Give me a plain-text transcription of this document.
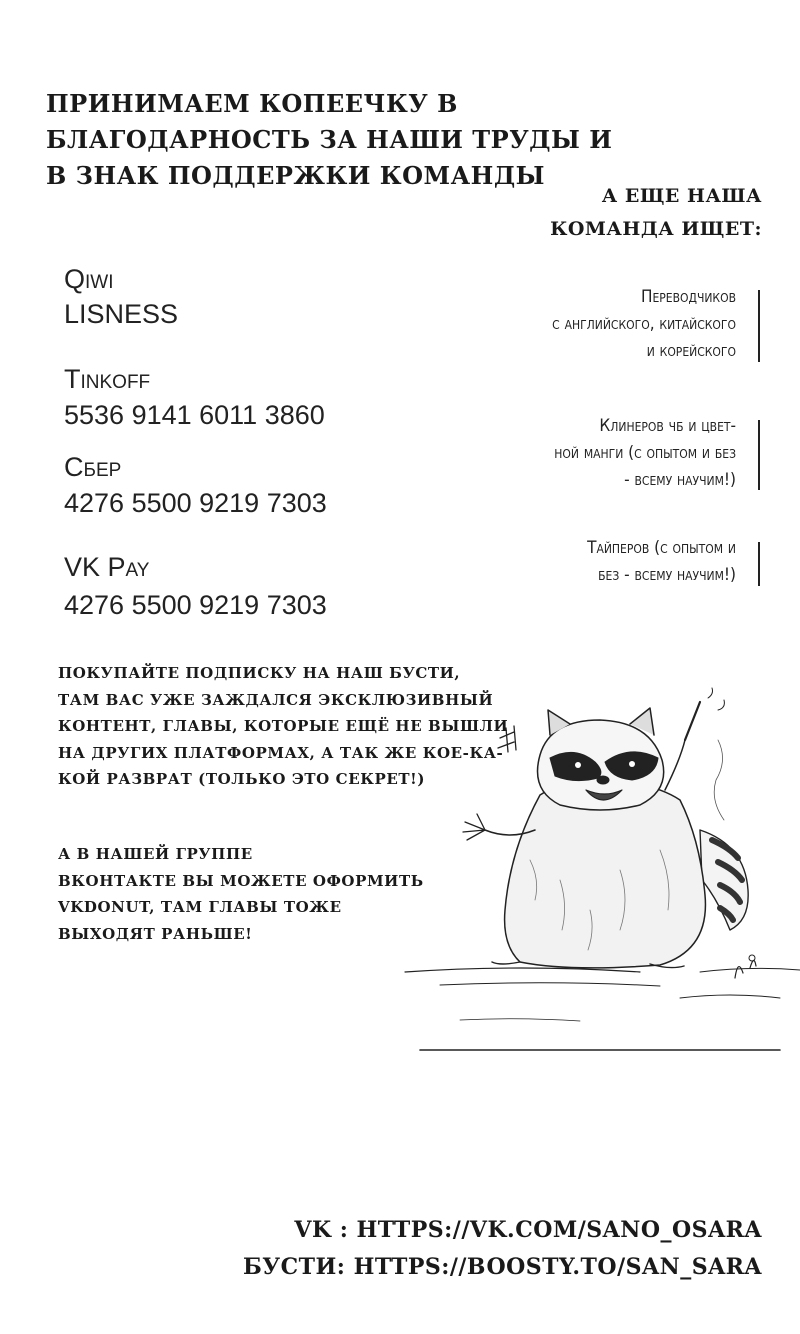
ПРИНИМАЕМ КОПЕЕЧКУ В
БЛАГОДАРНОСТЬ ЗА НАШИ ТРУДЫ И
В ЗНАК ПОДДЕРЖКИ КОМАНДЫ
А ЕЩЕ НАША
КОМАНДА ИЩЕТ:
Qiwi
LISNESS
Tinkoff
5536 9141 6011 3860
Сбер
4276 5500 9219 7303
VK Pay
4276 5500 9219 7303
Переводчиков
с английского, китайского
и корейского
Клинеров чб и цвет-
ной манги (с опытом и без
- всему научим!)
Тайперов (с опытом и
без - всему научим!)
ПОКУПАЙТЕ ПОДПИСКУ НА НАШ БУСТИ,
ТАМ ВАС УЖЕ ЗАЖДАЛСЯ ЭКСКЛЮЗИВНЫЙ
КОНТЕНТ, ГЛАВЫ, КОТОРЫЕ ЕЩЁ НЕ ВЫШЛИ
НА ДРУГИХ ПЛАТФОРМАХ, А ТАК ЖЕ КОЕ-КА-
КОЙ РАЗВРАТ (ТОЛЬКО ЭТО СЕКРЕТ!)
А В НАШЕЙ ГРУППЕ
ВКОНТАКТЕ ВЫ МОЖЕТЕ ОФОРМИТЬ
VKDONUT, ТАМ ГЛАВЫ ТОЖЕ
ВЫХОДЯТ РАНЬШЕ!
VK : HTTPS://VK.COM/SANO_OSARA
БУСТИ: HTTPS://BOOSTY.TO/SAN_SARA
